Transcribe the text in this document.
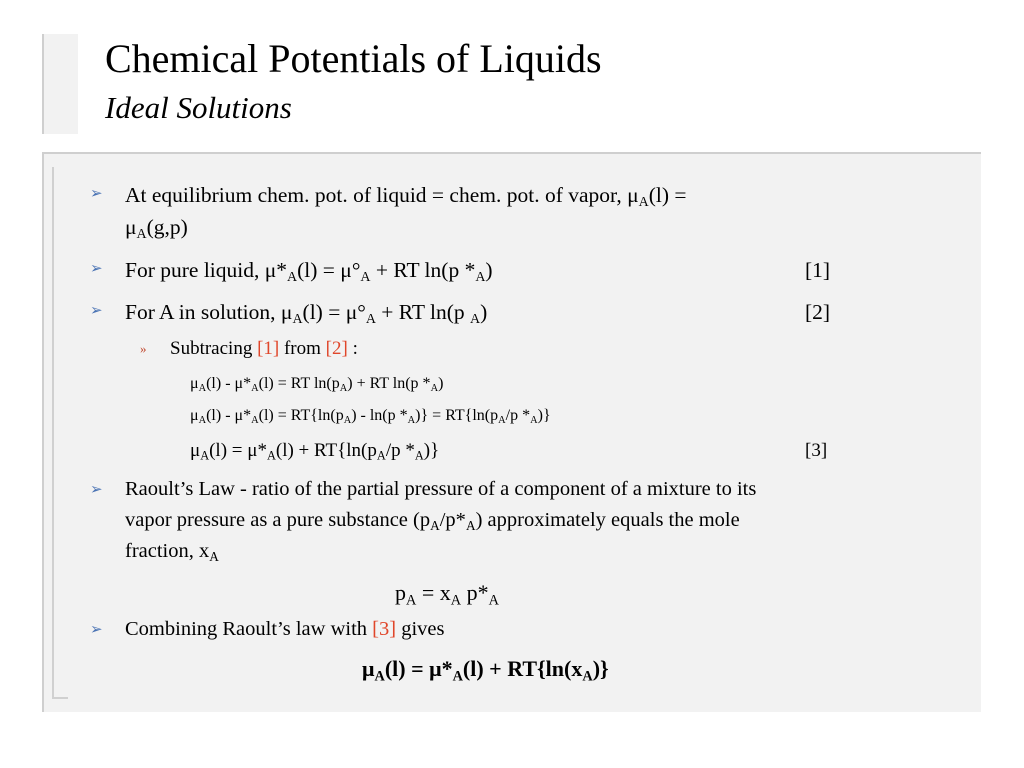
Chemical Potentials of Liquids
Ideal Solutions
➢ At equilibrium chem. pot. of liquid = chem. pot. of vapor, $\mu_A(l)$ =
$\mu_A(g,p)$
➢ For pure liquid, $\mu*_A(l) = \mu^\circ_A$ + RT ln(p $*_A$)	[1]
➢ For A in solution, $\mu_A(l) = \mu^\circ_A$ + RT ln(p $_A$)	[2]
» Subtracing [1] from [2] :
$\mu_A(l) - \mu*_A(l)$ = RT $\ln(p_A)$ + RT ln(p $*_A$)
$\mu_A(l) - \mu*_A(l) = RT\{\ln(p_A) - \ln(p$ $*_A)\} = RT\{\ln(p_A/p$ $*_A$)}
$\mu_A(l) = \mu*_A(l) + RT\{\ln(p_A/p$ $*_A$)}	[3]
➢ Raoult’s Law - ratio of the partial pressure of a component of a mixture to its
vapor pressure as a pure substance $(p_A/p*_A)$ approximately equals the mole
fraction, $x_A$
$p_A = x_A$ $p*_A$
➢ Combining Raoult’s law with [3] gives
$\mu_A(l) = \mu*_A(l) + RT\{\ln(x_A)\}$
